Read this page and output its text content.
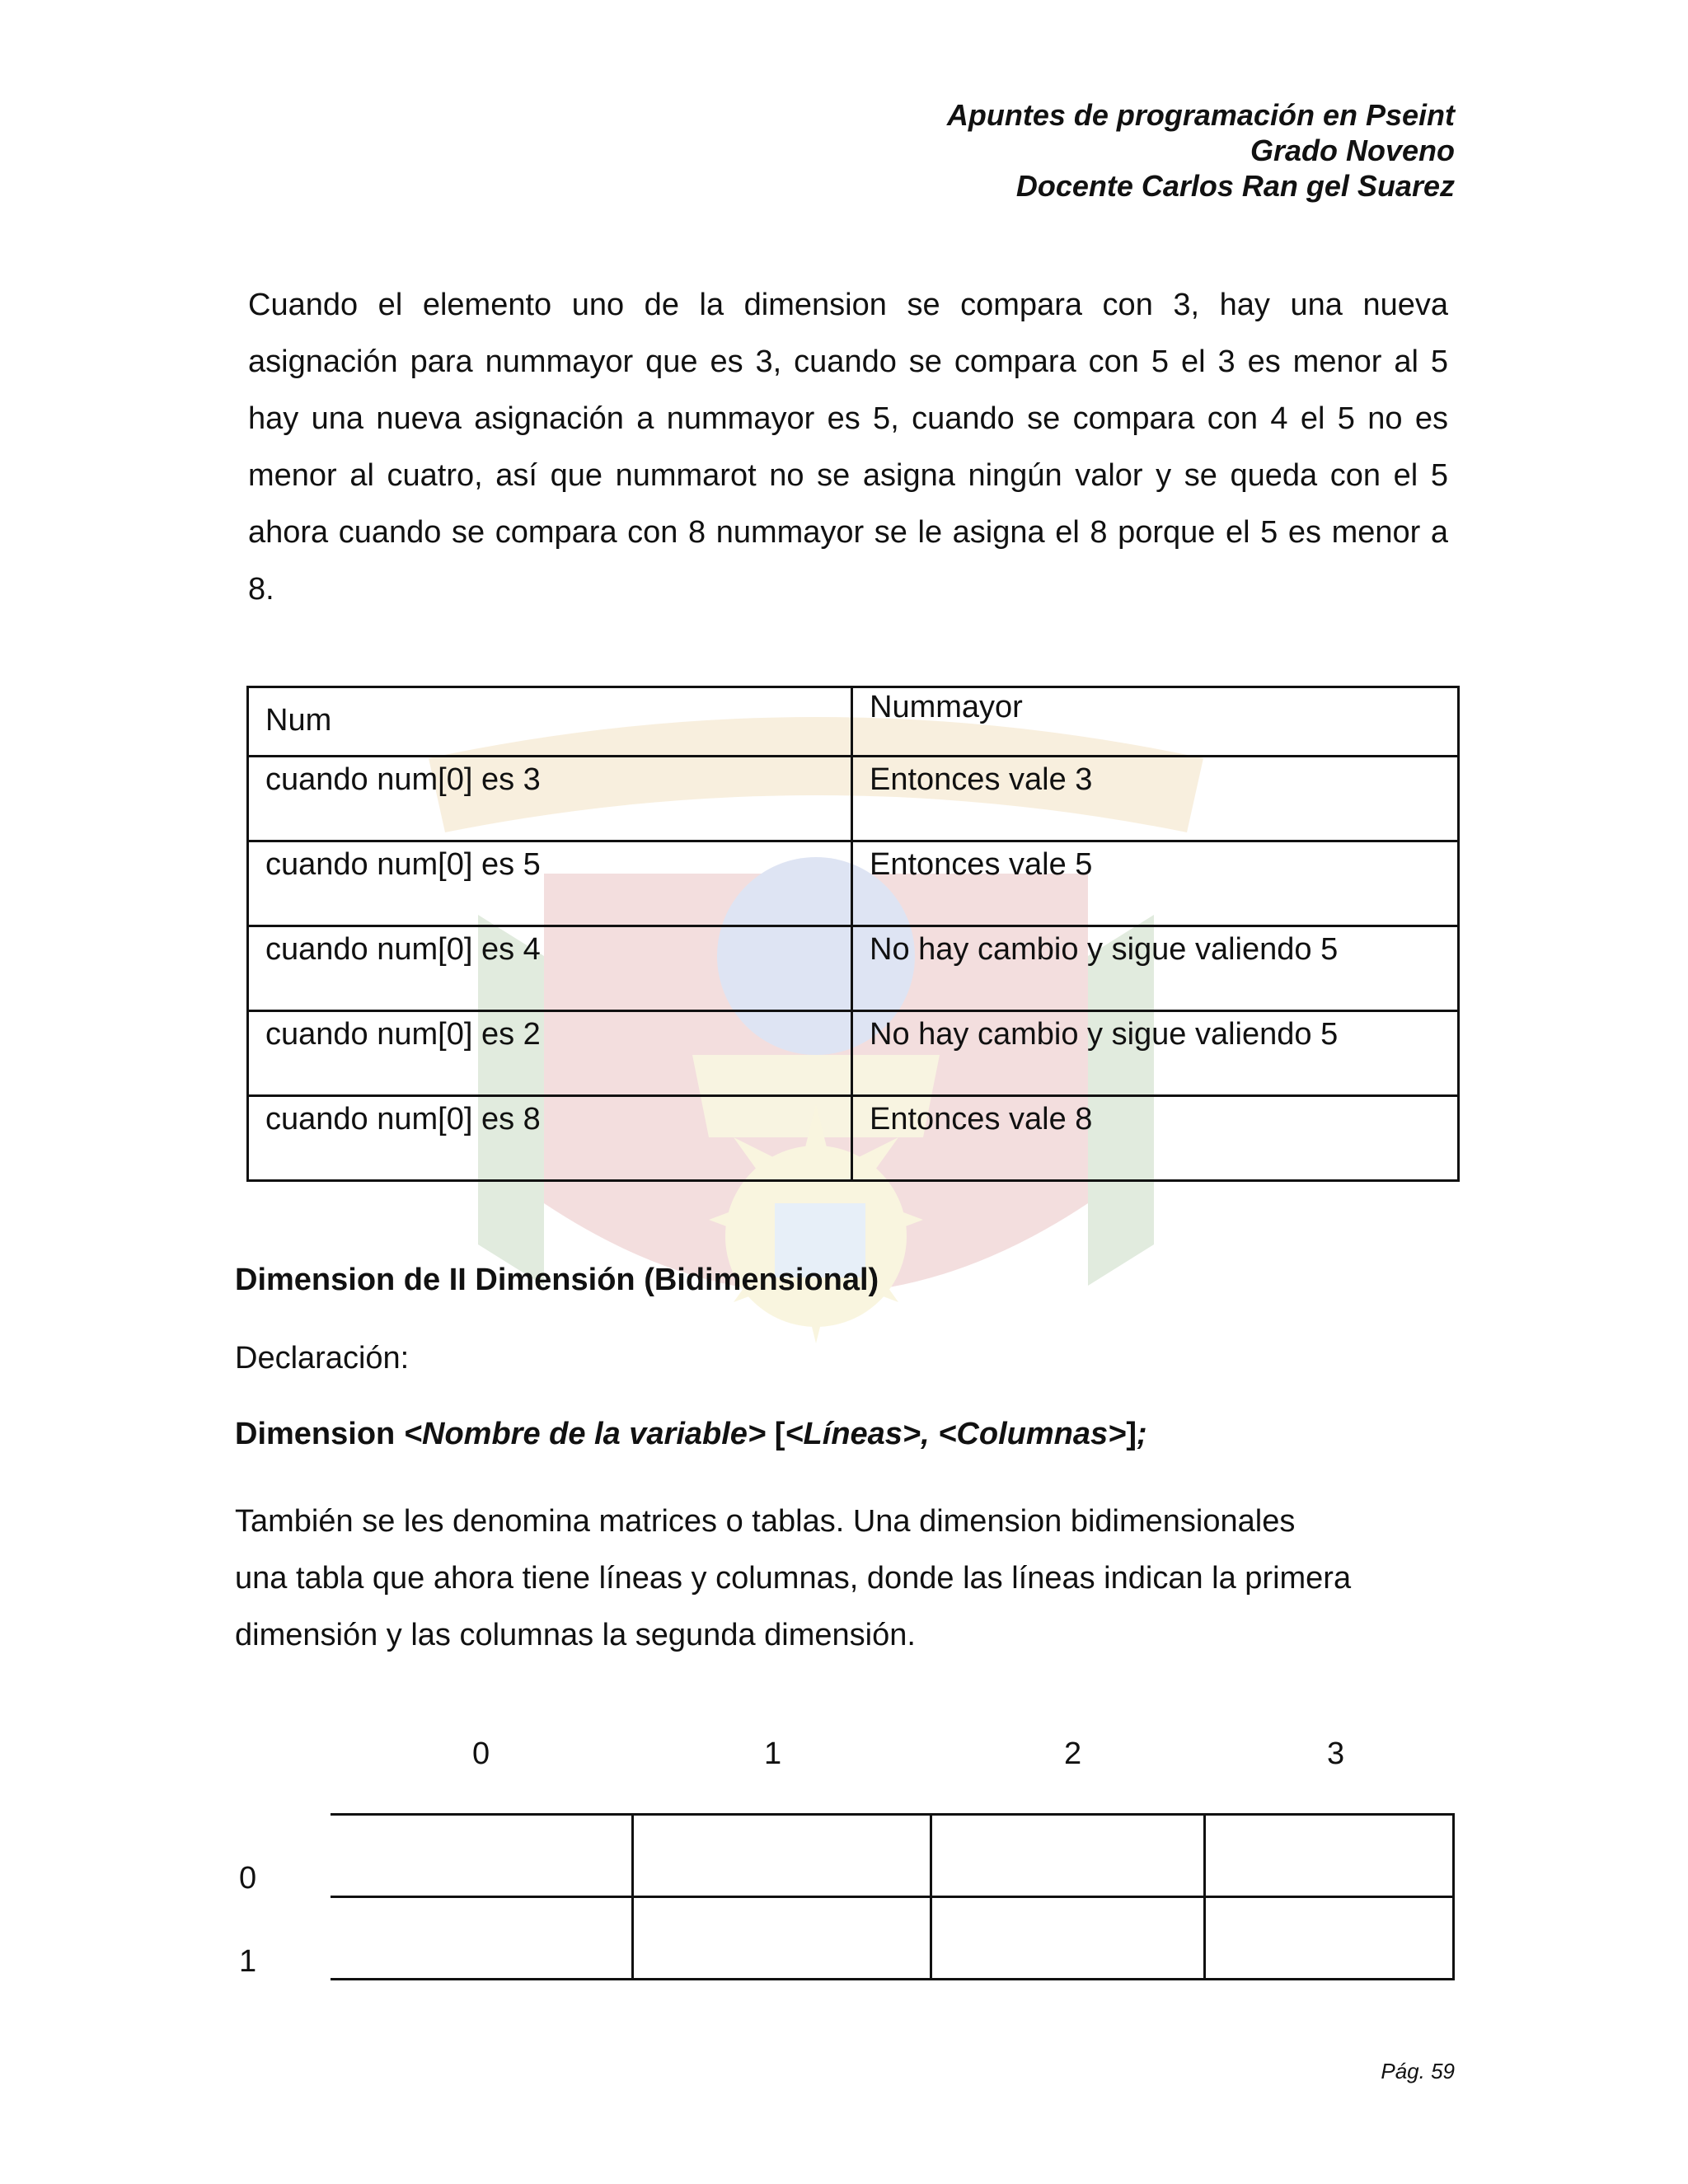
Apuntes de programación en Pseint
Grado Noveno
Docente Carlos Ran gel Suarez
Cuando el elemento uno de la dimension se compara con 3, hay una nueva asignación para nummayor que es 3, cuando se compara con 5 el 3 es menor al 5 hay una nueva asignación a nummayor es 5, cuando se compara con 4 el 5 no es menor al cuatro, así que nummarot no se asigna ningún valor y se queda con el 5 ahora cuando se compara con 8 nummayor se le asigna el 8 porque el 5 es menor a 8.
Num	Nummayor
cuando num[0] es 3	Entonces vale 3
cuando num[0] es 5	Entonces vale 5
cuando num[0] es 4	No hay cambio y sigue valiendo 5
cuando num[0] es 2	No hay cambio y sigue valiendo 5
cuando num[0] es 8	Entonces vale 8
Dimension de II Dimensión (Bidimensional)
Declaración:
Dimension <Nombre de la variable> [<Líneas>, <Columnas>];
También se les denomina matrices o tablas. Una dimension bidimensionales
una tabla que ahora tiene líneas y columnas, donde las líneas indican la primera
dimensión y las columnas la segunda dimensión.
0	1	2	3
0
1

Pág. 59
